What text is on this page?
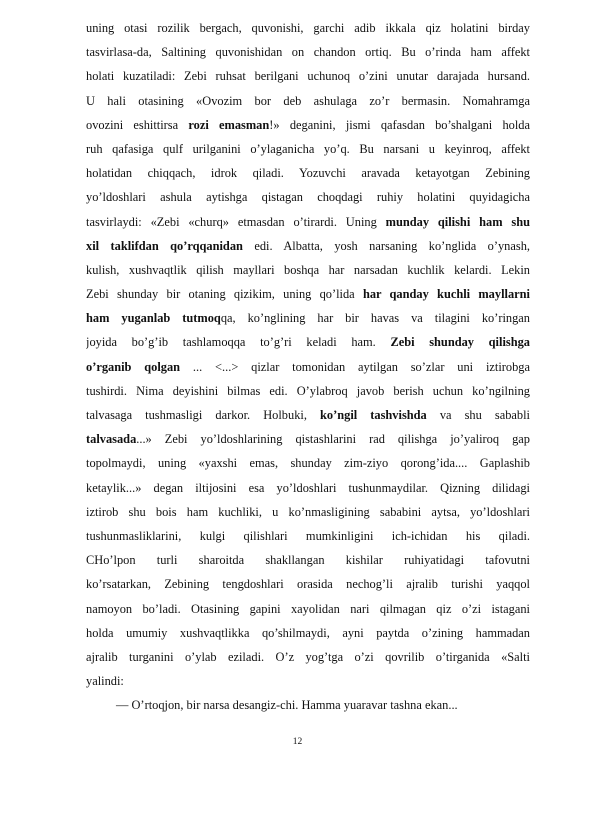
uning otasi rozilik bergach, quvonishi, garchi adib ikkala qiz holatini birday
tasvirlasa-da, Saltining quvonishidan on chandon ortiq. Bu o’rinda ham affekt
holati kuzatiladi: Zebi ruhsat berilgani uchunoq o’zini unutar darajada hursand.
U hali otasining «Ovozim bor deb ashulaga zo’r bermasin. Nomahramga
ovozini eshittirsa rozi emasman!» deganini, jismi qafasdan bo’shalgani holda
ruh qafasiga qulf urilganini o’ylaganicha yo’q. Bu narsani u keyinroq, affekt
holatidan chiqqach, idrok qiladi. Yozuvchi aravada ketayotgan Zebining
yo’ldoshlari ashula aytishga qistagan choqdagi ruhiy holatini quyidagicha
tasvirlaydi: «Zebi «churq» etmasdan o’tirardi. Uning munday qilishi ham shu
xil taklifdan qo’rqqanidan edi. Albatta, yosh narsaning ko’nglida o’ynash,
kulish, xushvaqtlik qilish mayllari boshqa har narsadan kuchlik kelardi. Lekin
Zebi shunday bir otaning qizikim, uning qo’lida har qanday kuchli mayllarni
ham yuganlab tutmoqqa, ko’nglining har bir havas va tilagini ko’ringan
joyida bo’g’ib tashlamoqqa to’g’ri keladi ham. Zebi shunday qilishga
o’rganib qolgan ... <...> qizlar tomonidan aytilgan so’zlar uni iztirobga
tushirdi. Nima deyishini bilmas edi. O’ylabroq javob berish uchun ko’ngilning
talvasaga tushmasligi darkor. Holbuki, ko’ngil tashvishda va shu sababli
talvasada...» Zebi yo’ldoshlarining qistashlarini rad qilishga jo’yaliroq gap
topolmaydi, uning «yaxshi emas, shunday zim-ziyo qorong’ida.... Gaplashib
ketaylik...» degan iltijosini esa yo’ldoshlari tushunmaydilar. Qizning dilidagi
iztirob shu bois ham kuchliki, u ko’nmasligining sababini aytsa, yo’ldoshlari
tushunmasliklarini, kulgi qilishlari mumkinligini ich-ichidan his qiladi.
CHo’lpon turli sharoitda shakllangan kishilar ruhiyatidagi tafovutni
ko’rsatarkan, Zebining tengdoshlari orasida nechog’li ajralib turishi yaqqol
namoyon bo’ladi. Otasining gapini xayolidan nari qilmagan qiz o’zi istagani
holda umumiy xushvaqtlikka qo’shilmaydi, ayni paytda o’zining hammadan
ajralib turganini o’ylab eziladi. O’z yog’tga o’zi qovrilib o’tirganida «Salti
yalindi:
— O’rtoqjon, bir narsa desangiz-chi. Hamma yuaravar tashna ekan...
12
